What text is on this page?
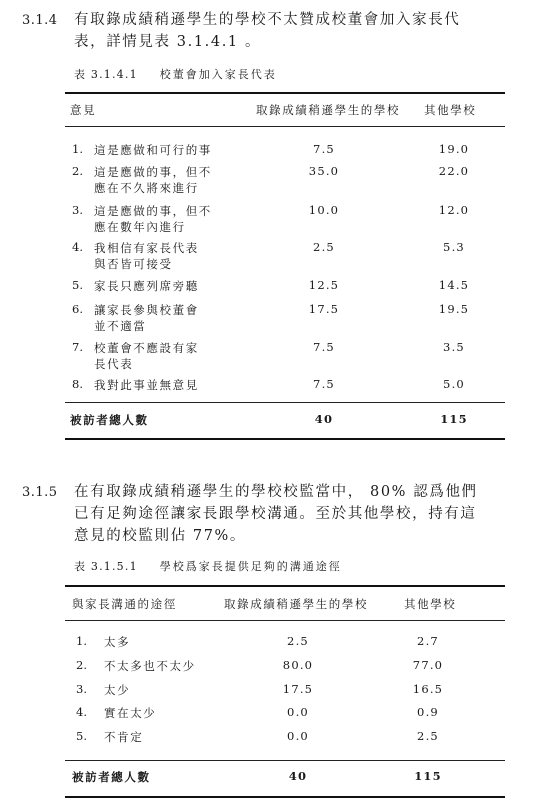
3.1.4 有取錄成績稍遜學生的學校不太贊成校董會加入家長代
表，詳情見表 3.1.4.1 。
表 3.1.4.1 校董會加入家長代表
意見	取錄成績稍遜學生的學校 其他學校
1. 這是應做和可行的事	7.5	19.0
2. 這是應做的事，但不
應在不久將來進行
35.0	22.0
3. 這是應做的事，但不
應在數年內進行
10.0	12.0
4. 我相信有家長代表
與否皆可接受
2.5	5.3
5. 家長只應列席旁聽	12.5	14.5
6. 讓家長參與校董會
並不適當
17.5	19.5
7. 校董會不應設有家
長代表
7.5	3.5
8. 我對此事並無意見	7.5	5.0
被訪者總人數	40	115
3.1.5 在有取錄成績稍遜學生的學校校監當中， 80% 認爲他們
已有足夠途徑讓家長跟學校溝通。至於其他學校，持有這
意見的校監則佔 77%。
表 3.1.5.1 學校爲家長提供足夠的溝通途徑
與家長溝通的途徑	取錄成績稍遜學生的學校	其他學校
1. 太多	2.5	2.7
2. 不太多也不太少	80.0	77.0
3. 太少	17.5	16.5
4. 實在太少	0.0	0.9
5. 不肯定	0.0	2.5
被訪者總人數	40	115
